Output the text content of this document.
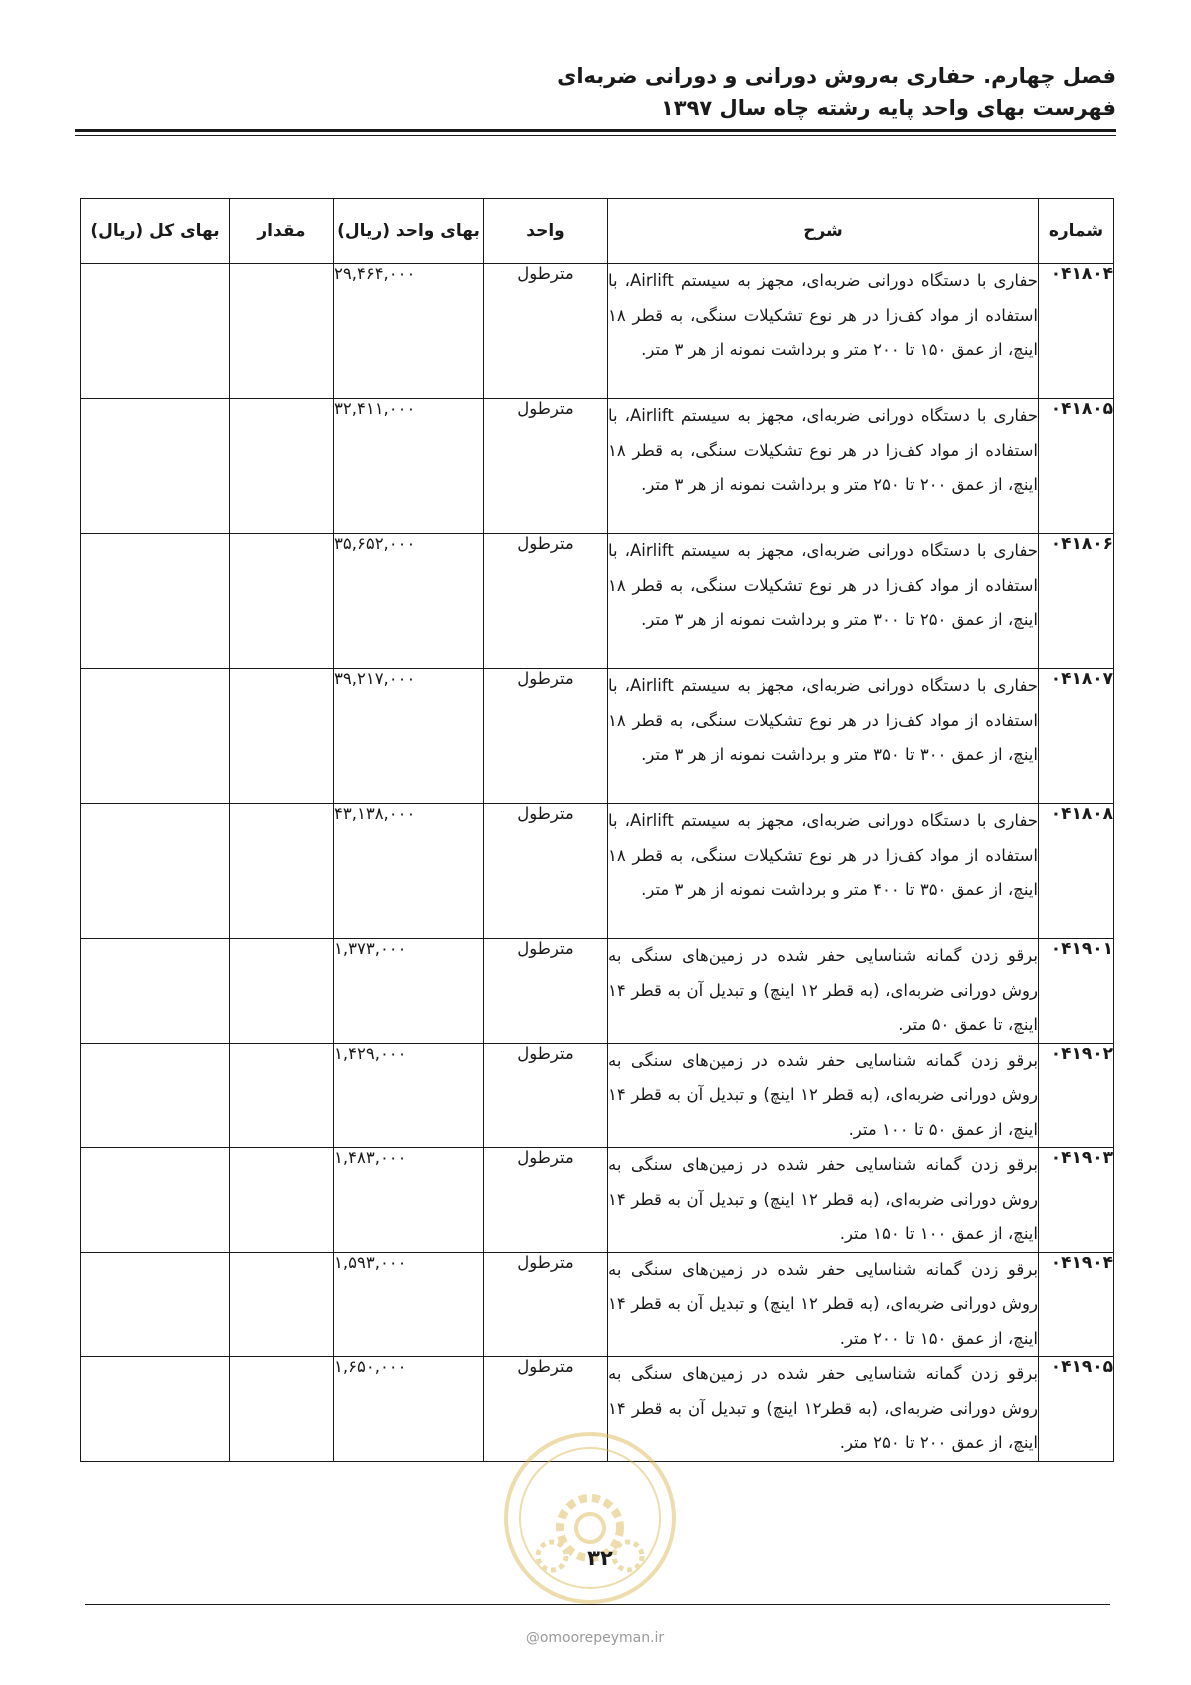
فصل چهارم. حفاری به‌روش دورانی و دورانی ضربه‌ای
فهرست بهای واحد پایه رشته چاه سال ۱۳۹۷
شماره	شرح	واحد	بهای واحد (ریال)	مقدار	بهای کل (ریال)
۰۴۱۸۰۴	حفاری با دستگاه دورانی ضربه‌ای، مجهز به سیستم Airlift، با استفاده از مواد کف‌زا در هر نوع تشکیلات سنگی، به قطر ۱۸ اینچ، از عمق ۱۵۰ تا ۲۰۰ متر و برداشت نمونه از هر ۳ متر.	مترطول	۲۹,۴۶۴,۰۰۰		
۰۴۱۸۰۵	حفاری با دستگاه دورانی ضربه‌ای، مجهز به سیستم Airlift، با استفاده از مواد کف‌زا در هر نوع تشکیلات سنگی، به قطر ۱۸ اینچ، از عمق ۲۰۰ تا ۲۵۰ متر و برداشت نمونه از هر ۳ متر.	مترطول	۳۲,۴۱۱,۰۰۰		
۰۴۱۸۰۶	حفاری با دستگاه دورانی ضربه‌ای، مجهز به سیستم Airlift، با استفاده از مواد کف‌زا در هر نوع تشکیلات سنگی، به قطر ۱۸ اینچ، از عمق ۲۵۰ تا ۳۰۰ متر و برداشت نمونه از هر ۳ متر.	مترطول	۳۵,۶۵۲,۰۰۰		
۰۴۱۸۰۷	حفاری با دستگاه دورانی ضربه‌ای، مجهز به سیستم Airlift، با استفاده از مواد کف‌زا در هر نوع تشکیلات سنگی، به قطر ۱۸ اینچ، از عمق ۳۰۰ تا ۳۵۰ متر و برداشت نمونه از هر ۳ متر.	مترطول	۳۹,۲۱۷,۰۰۰		
۰۴۱۸۰۸	حفاری با دستگاه دورانی ضربه‌ای، مجهز به سیستم Airlift، با استفاده از مواد کف‌زا در هر نوع تشکیلات سنگی، به قطر ۱۸ اینچ، از عمق ۳۵۰ تا ۴۰۰ متر و برداشت نمونه از هر ۳ متر.	مترطول	۴۳,۱۳۸,۰۰۰		
۰۴۱۹۰۱	برقو زدن گمانه شناسایی حفر شده در زمین‌های سنگی به روش دورانی ضربه‌ای، (به قطر ۱۲ اینچ) و تبدیل آن به قطر ۱۴ اینچ، تا عمق ۵۰ متر.	مترطول	۱,۳۷۳,۰۰۰		
۰۴۱۹۰۲	برقو زدن گمانه شناسایی حفر شده در زمین‌های سنگی به روش دورانی ضربه‌ای، (به قطر ۱۲ اینچ) و تبدیل آن به قطر ۱۴ اینچ، از عمق ۵۰ تا ۱۰۰ متر.	مترطول	۱,۴۲۹,۰۰۰		
۰۴۱۹۰۳	برقو زدن گمانه شناسایی حفر شده در زمین‌های سنگی به روش دورانی ضربه‌ای، (به قطر ۱۲ اینچ) و تبدیل آن به قطر ۱۴ اینچ، از عمق ۱۰۰ تا ۱۵۰ متر.	مترطول	۱,۴۸۳,۰۰۰		
۰۴۱۹۰۴	برقو زدن گمانه شناسایی حفر شده در زمین‌های سنگی به روش دورانی ضربه‌ای، (به قطر ۱۲ اینچ) و تبدیل آن به قطر ۱۴ اینچ، از عمق ۱۵۰ تا ۲۰۰ متر.	مترطول	۱,۵۹۳,۰۰۰		
۰۴۱۹۰۵	برقو زدن گمانه شناسایی حفر شده در زمین‌های سنگی به روش دورانی ضربه‌ای، (به قطر۱۲ اینچ) و تبدیل آن به قطر ۱۴ اینچ، از عمق ۲۰۰ تا ۲۵۰ متر.	مترطول	۱,۶۵۰,۰۰۰		
۳۲
@omoorepeyman.ir
